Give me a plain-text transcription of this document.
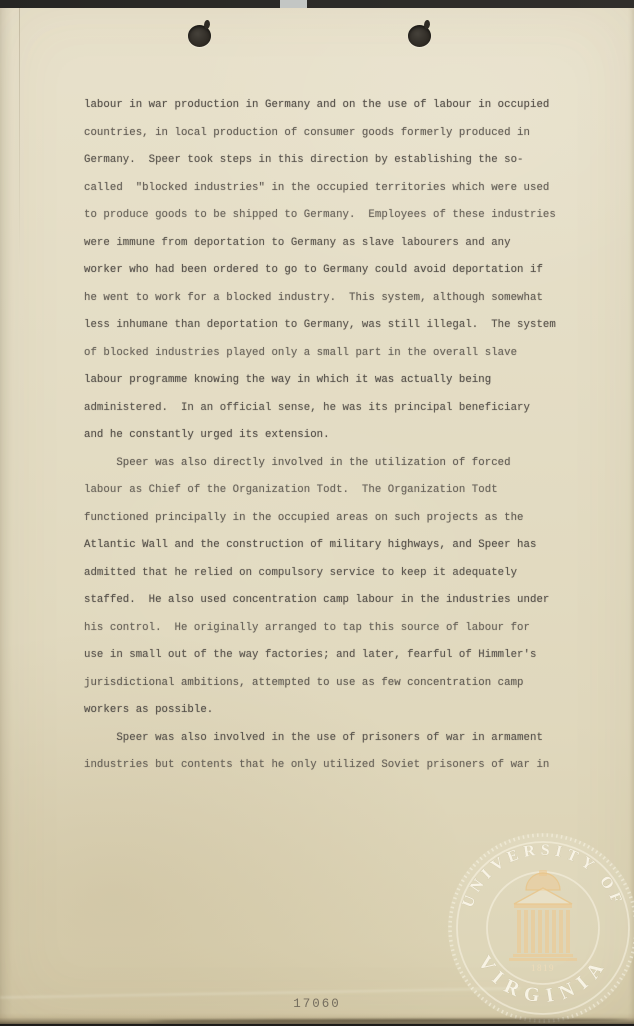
labour in war production in Germany and on the use of labour in occupied
countries, in local production of consumer goods formerly produced in
Germany.  Speer took steps in this direction by establishing the so-
called  "blocked industries" in the occupied territories which were used
to produce goods to be shipped to Germany.  Employees of these industries
were immune from deportation to Germany as slave labourers and any
worker who had been ordered to go to Germany could avoid deportation if
he went to work for a blocked industry.  This system, although somewhat
less inhumane than deportation to Germany, was still illegal.  The system
of blocked industries played only a small part in the overall slave
labour programme knowing the way in which it was actually being
administered.  In an official sense, he was its principal beneficiary
and he constantly urged its extension.
Speer was also directly involved in the utilization of forced
labour as Chief of the Organization Todt.  The Organization Todt
functioned principally in the occupied areas on such projects as the
Atlantic Wall and the construction of military highways, and Speer has
admitted that he relied on compulsory service to keep it adequately
staffed.  He also used concentration camp labour in the industries under
his control.  He originally arranged to tap this source of labour for
use in small out of the way factories; and later, fearful of Himmler's
jurisdictional ambitions, attempted to use as few concentration camp
workers as possible.
Speer was also involved in the use of prisoners of war in armament
industries but contents that he only utilized Soviet prisoners of war in
1819
UNIVERSITY OF
VIRGINIA
17060
